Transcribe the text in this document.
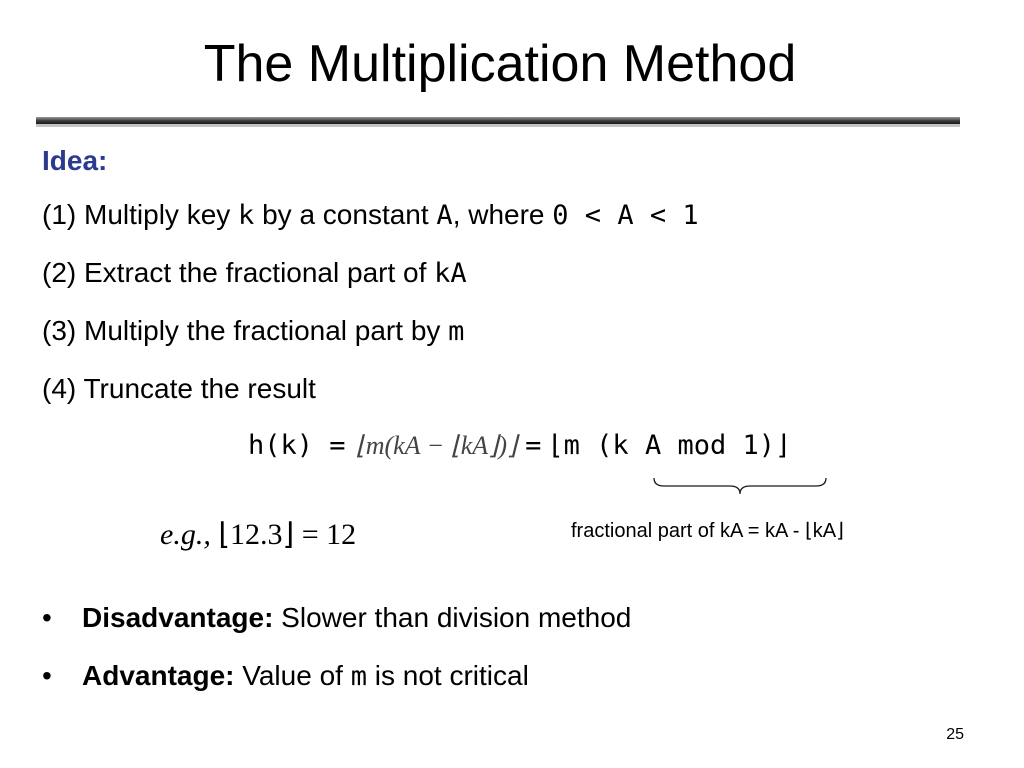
The Multiplication Method
Idea:
(1) Multiply key k by a constant A, where 0 < A < 1
(2) Extract the fractional part of kA
(3) Multiply the fractional part by m
(4) Truncate the result
h(k) = ⌊m(kA − ⌊kA⌋)⌋ = ⌊m (k A mod 1)⌋
fractional part of kA = kA - ⌊kA⌋
e.g., ⌊12.3⌋ = 12
• Disadvantage: Slower than division method
• Advantage: Value of m is not critical
25
